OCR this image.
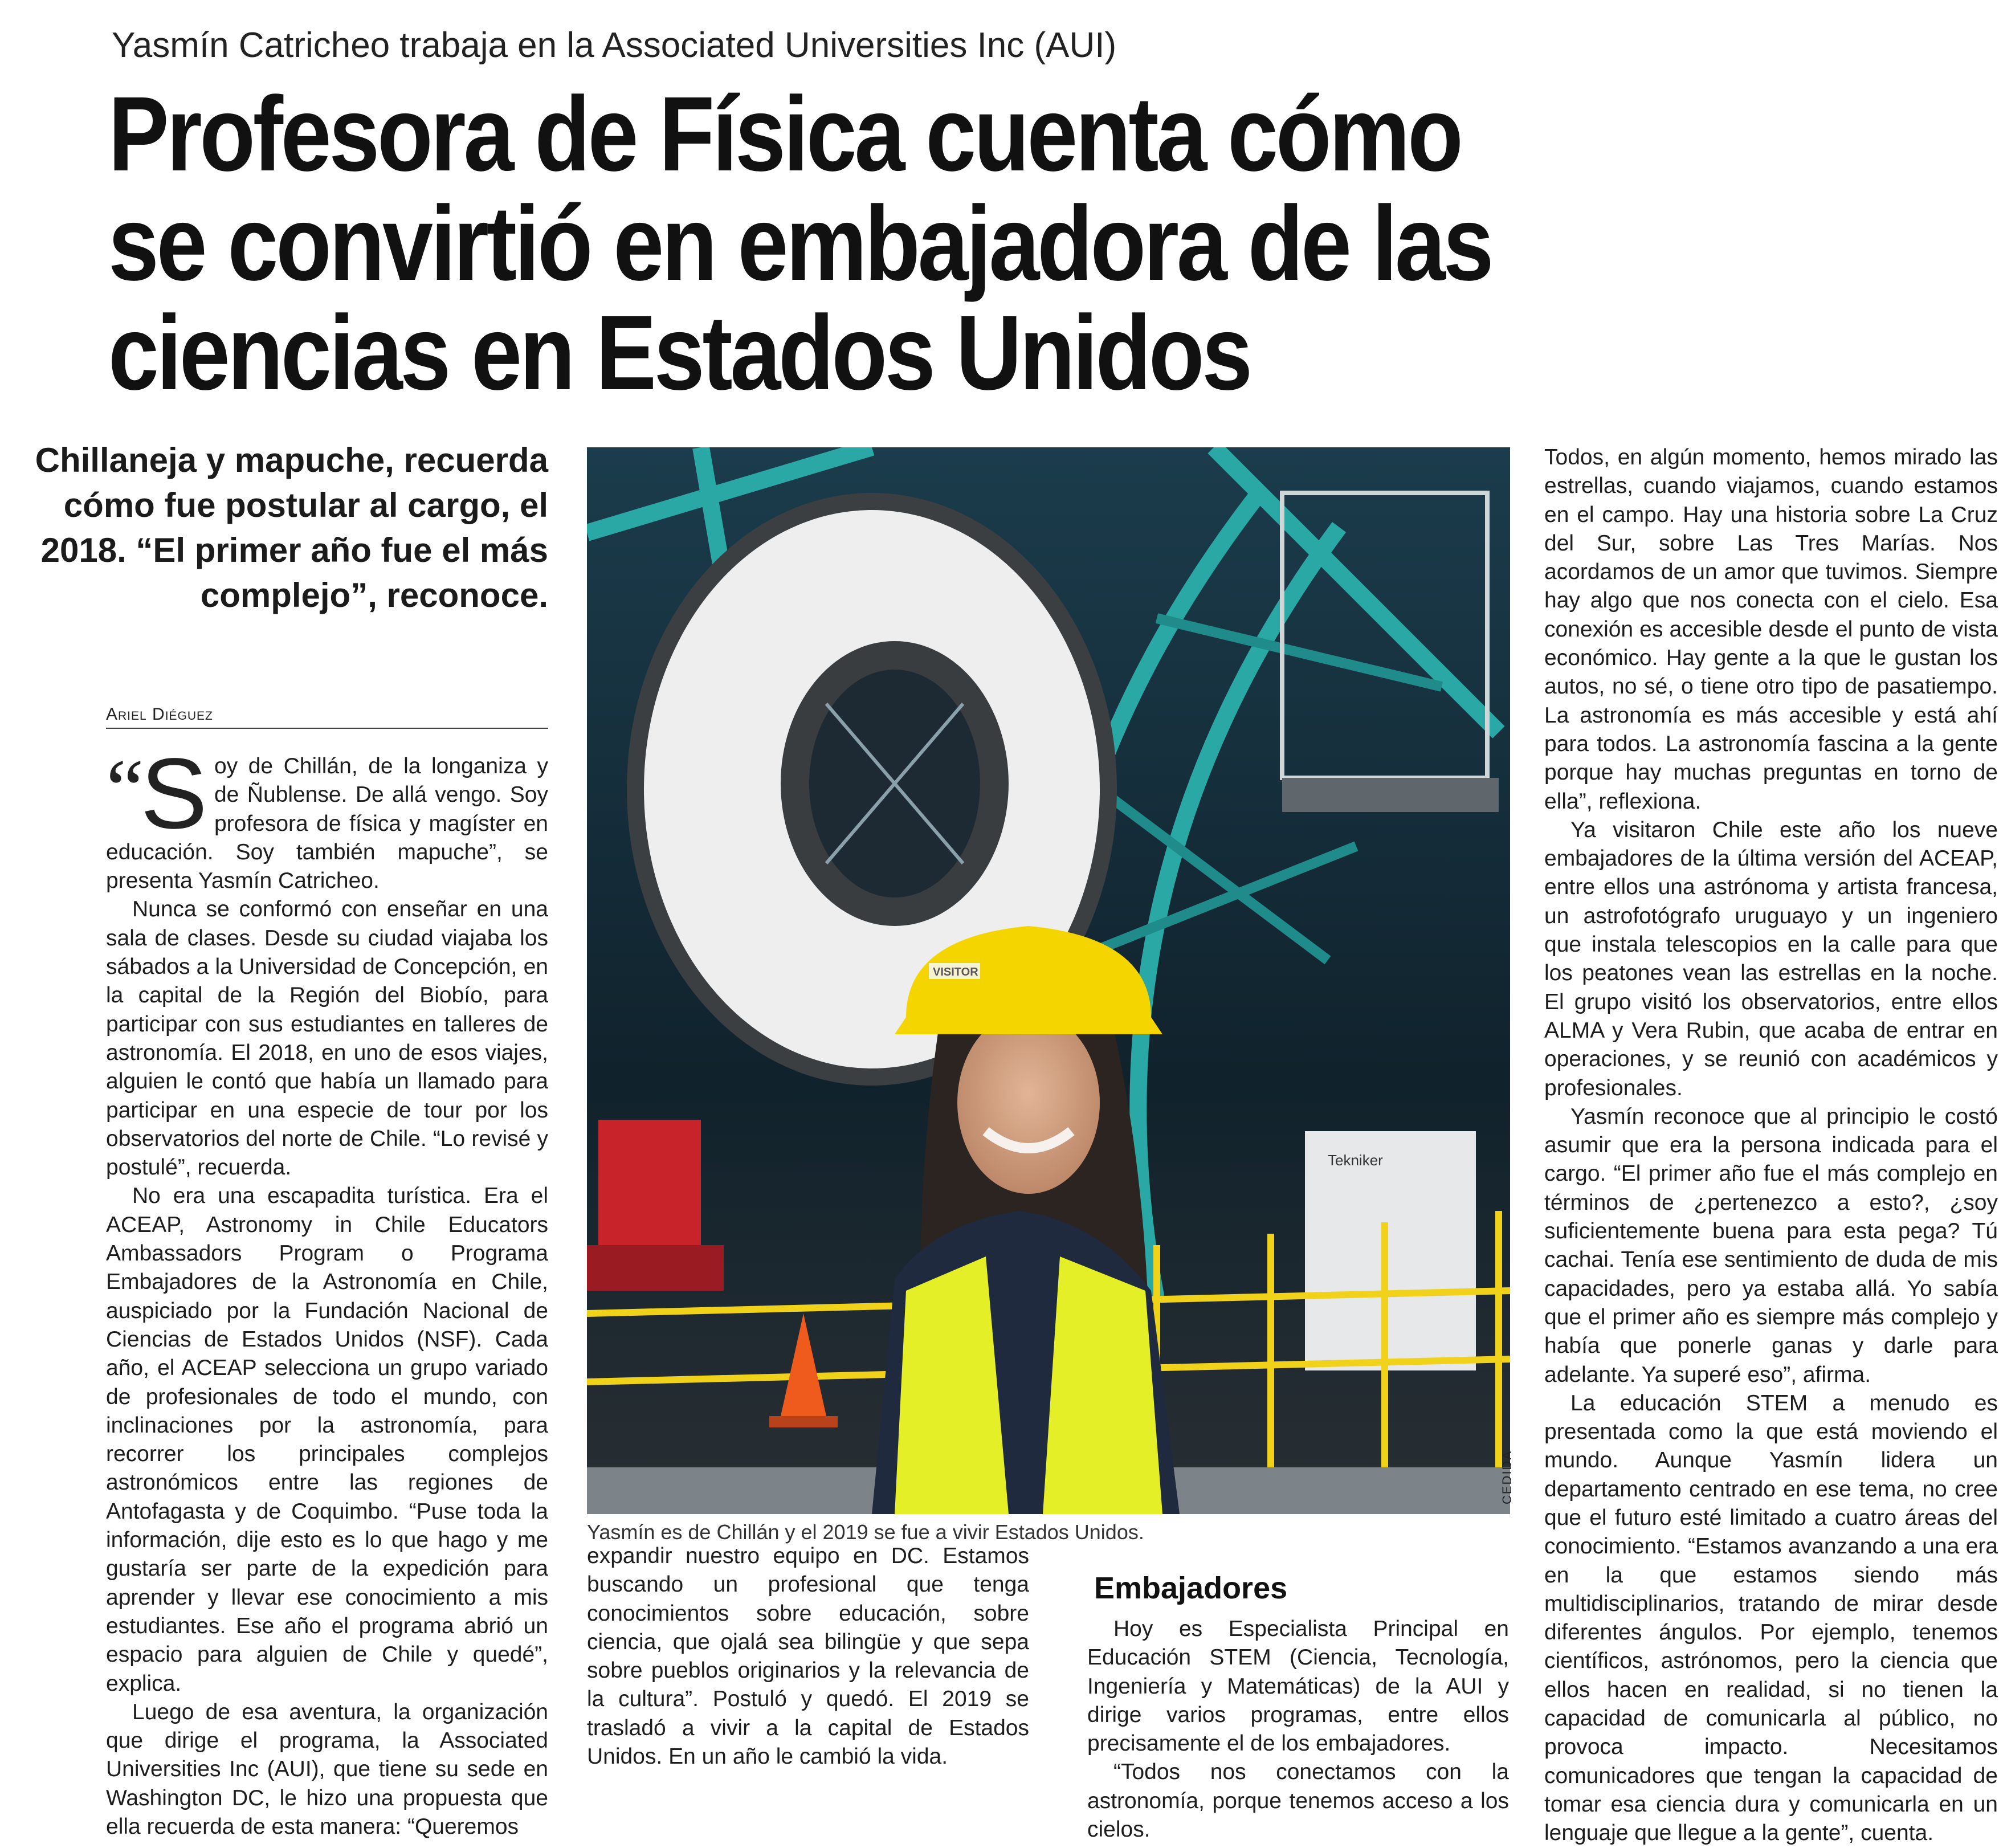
Yasmín Catricheo trabaja en la Associated Universities Inc (AUI)
Profesora de Física cuenta cómo
se convirtió en embajadora de las
ciencias en Estados Unidos
Chillaneja y mapuche, recuerda cómo fue postular al cargo, el 2018. “El primer año fue el más complejo”, reconoce.
Ariel Diéguez

“ S oy de Chillán, de la longaniza y de Ñublense. De allá vengo. Soy profesora de física y magíster en educación. Soy también mapuche”, se presenta Yasmín Catricheo.

Nunca se conformó con enseñar en una sala de clases. Desde su ciudad viajaba los sábados a la Universidad de Concepción, en la capital de la Región del Biobío, para participar con sus estudiantes en talleres de astronomía. El 2018, en uno de esos viajes, alguien le contó que había un llamado para participar en una especie de tour por los observatorios del norte de Chile. “Lo revisé y postulé”, recuerda.

No era una escapadita turística. Era el ACEAP, Astronomy in Chile Educators Ambassadors Program o Programa Embajadores de la Astronomía en Chile, auspiciado por la Fundación Nacional de Ciencias de Estados Unidos (NSF). Cada año, el ACEAP selecciona un grupo variado de profesionales de todo el mundo, con inclinaciones por la astronomía, para recorrer los principales complejos astronómicos entre las regiones de Antofagasta y de Coquimbo. “Puse toda la información, dije esto es lo que hago y me gustaría ser parte de la expedición para aprender y llevar ese conocimiento a mis estudiantes. Ese año el programa abrió un espacio para alguien de Chile y quedé”, explica.

Luego de esa aventura, la organización que dirige el programa, la Associated Universities Inc (AUI), que tiene su sede en Washington DC, le hizo una propuesta que ella recuerda de esta manera: “Queremos

Tekniker
VISITOR
Yasmín es de Chillán y el 2019 se fue a vivir Estados Unidos.
CEDIDA

expandir nuestro equipo en DC. Estamos buscando un profesional que tenga conocimientos sobre educación, sobre ciencia, que ojalá sea bilingüe y que sepa sobre pueblos originarios y la relevancia de la cultura”. Postuló y quedó. El 2019 se trasladó a vivir a la capital de Estados Unidos. En un año le cambió la vida.

Embajadores

Hoy es Especialista Principal en Educación STEM (Ciencia, Tecnología, Ingeniería y Matemáticas) de la AUI y dirige varios programas, entre ellos precisamente el de los embajadores.

“Todos nos conectamos con la astronomía, porque tenemos acceso a los cielos.

Todos, en algún momento, hemos mirado las estrellas, cuando viajamos, cuando estamos en el campo. Hay una historia sobre La Cruz del Sur, sobre Las Tres Marías. Nos acordamos de un amor que tuvimos. Siempre hay algo que nos conecta con el cielo. Esa conexión es accesible desde el punto de vista económico. Hay gente a la que le gustan los autos, no sé, o tiene otro tipo de pasatiempo. La astronomía es más accesible y está ahí para todos. La astronomía fascina a la gente porque hay muchas preguntas en torno de ella”, reflexiona.

Ya visitaron Chile este año los nueve embajadores de la última versión del ACEAP, entre ellos una astrónoma y artista francesa, un astrofotógrafo uruguayo y un ingeniero que instala telescopios en la calle para que los peatones vean las estrellas en la noche. El grupo visitó los observatorios, entre ellos ALMA y Vera Rubin, que acaba de entrar en operaciones, y se reunió con académicos y profesionales.

Yasmín reconoce que al principio le costó asumir que era la persona indicada para el cargo. “El primer año fue el más complejo en términos de ¿pertenezco a esto?, ¿soy suficientemente buena para esta pega? Tú cachai. Tenía ese sentimiento de duda de mis capacidades, pero ya estaba allá. Yo sabía que el primer año es siempre más complejo y había que ponerle ganas y darle para adelante. Ya superé eso”, afirma.

La educación STEM a menudo es presentada como la que está moviendo el mundo. Aunque Yasmín lidera un departamento centrado en ese tema, no cree que el futuro esté limitado a cuatro áreas del conocimiento. “Estamos avanzando a una era en la que estamos siendo más multidisciplinarios, tratando de mirar desde diferentes ángulos. Por ejemplo, tenemos científicos, astrónomos, pero la ciencia que ellos hacen en realidad, si no tienen la capacidad de comunicarla al público, no provoca impacto. Necesitamos comunicadores que tengan la capacidad de tomar esa ciencia dura y comunicarla en un lenguaje que llegue a la gente”, cuenta.
